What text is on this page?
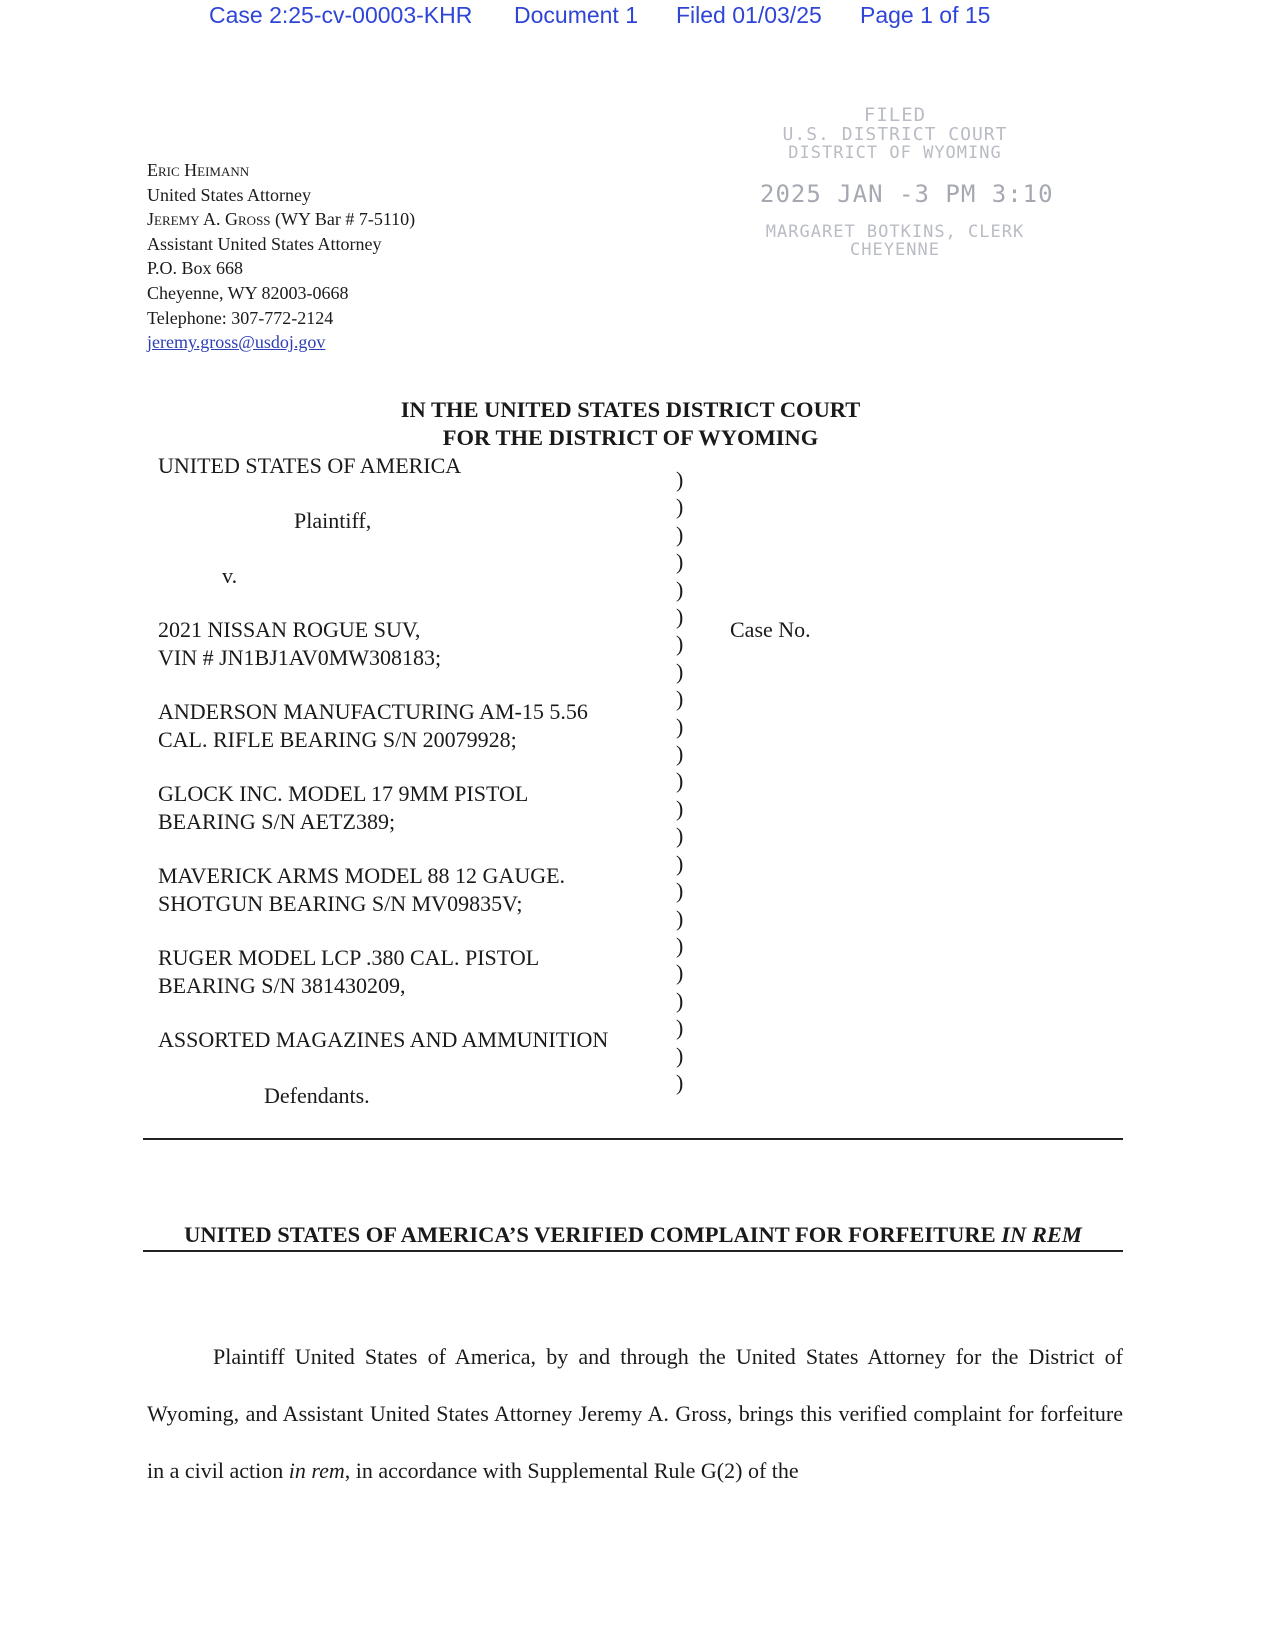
Case 2:25-cv-00003-KHR Document 1 Filed 01/03/25 Page 1 of 15
Eric Heimann
United States Attorney
Jeremy A. Gross (WY Bar # 7-5110)
Assistant United States Attorney
P.O. Box 668
Cheyenne, WY 82003-0668
Telephone: 307-772-2124
jeremy.gross@usdoj.gov
FILED
U.S. DISTRICT COURT
DISTRICT OF WYOMING
2025 JAN -3 PM 3:10
MARGARET BOTKINS, CLERK
CHEYENNE
IN THE UNITED STATES DISTRICT COURT
FOR THE DISTRICT OF WYOMING
UNITED STATES OF AMERICA
Plaintiff,
v.
2021 NISSAN ROGUE SUV,
VIN # JN1BJ1AV0MW308183;
ANDERSON MANUFACTURING AM-15 5.56
CAL. RIFLE BEARING S/N 20079928;
GLOCK INC. MODEL 17 9MM PISTOL
BEARING S/N AETZ389;
MAVERICK ARMS MODEL 88 12 GAUGE.
SHOTGUN BEARING S/N MV09835V;
RUGER MODEL LCP .380 CAL. PISTOL
BEARING S/N 381430209,
ASSORTED MAGAZINES AND AMMUNITION
Defendants.
Case No.
)
)
)
)
)
)
)
)
)
)
)
)
)
)
)
)
)
)
)
)
)
)
)
UNITED STATES OF AMERICA’S VERIFIED COMPLAINT FOR FORFEITURE IN REM
Plaintiff United States of America, by and through the United States Attorney for the District of Wyoming, and Assistant United States Attorney Jeremy A. Gross, brings this verified complaint for forfeiture in a civil action in rem, in accordance with Supplemental Rule G(2) of the
